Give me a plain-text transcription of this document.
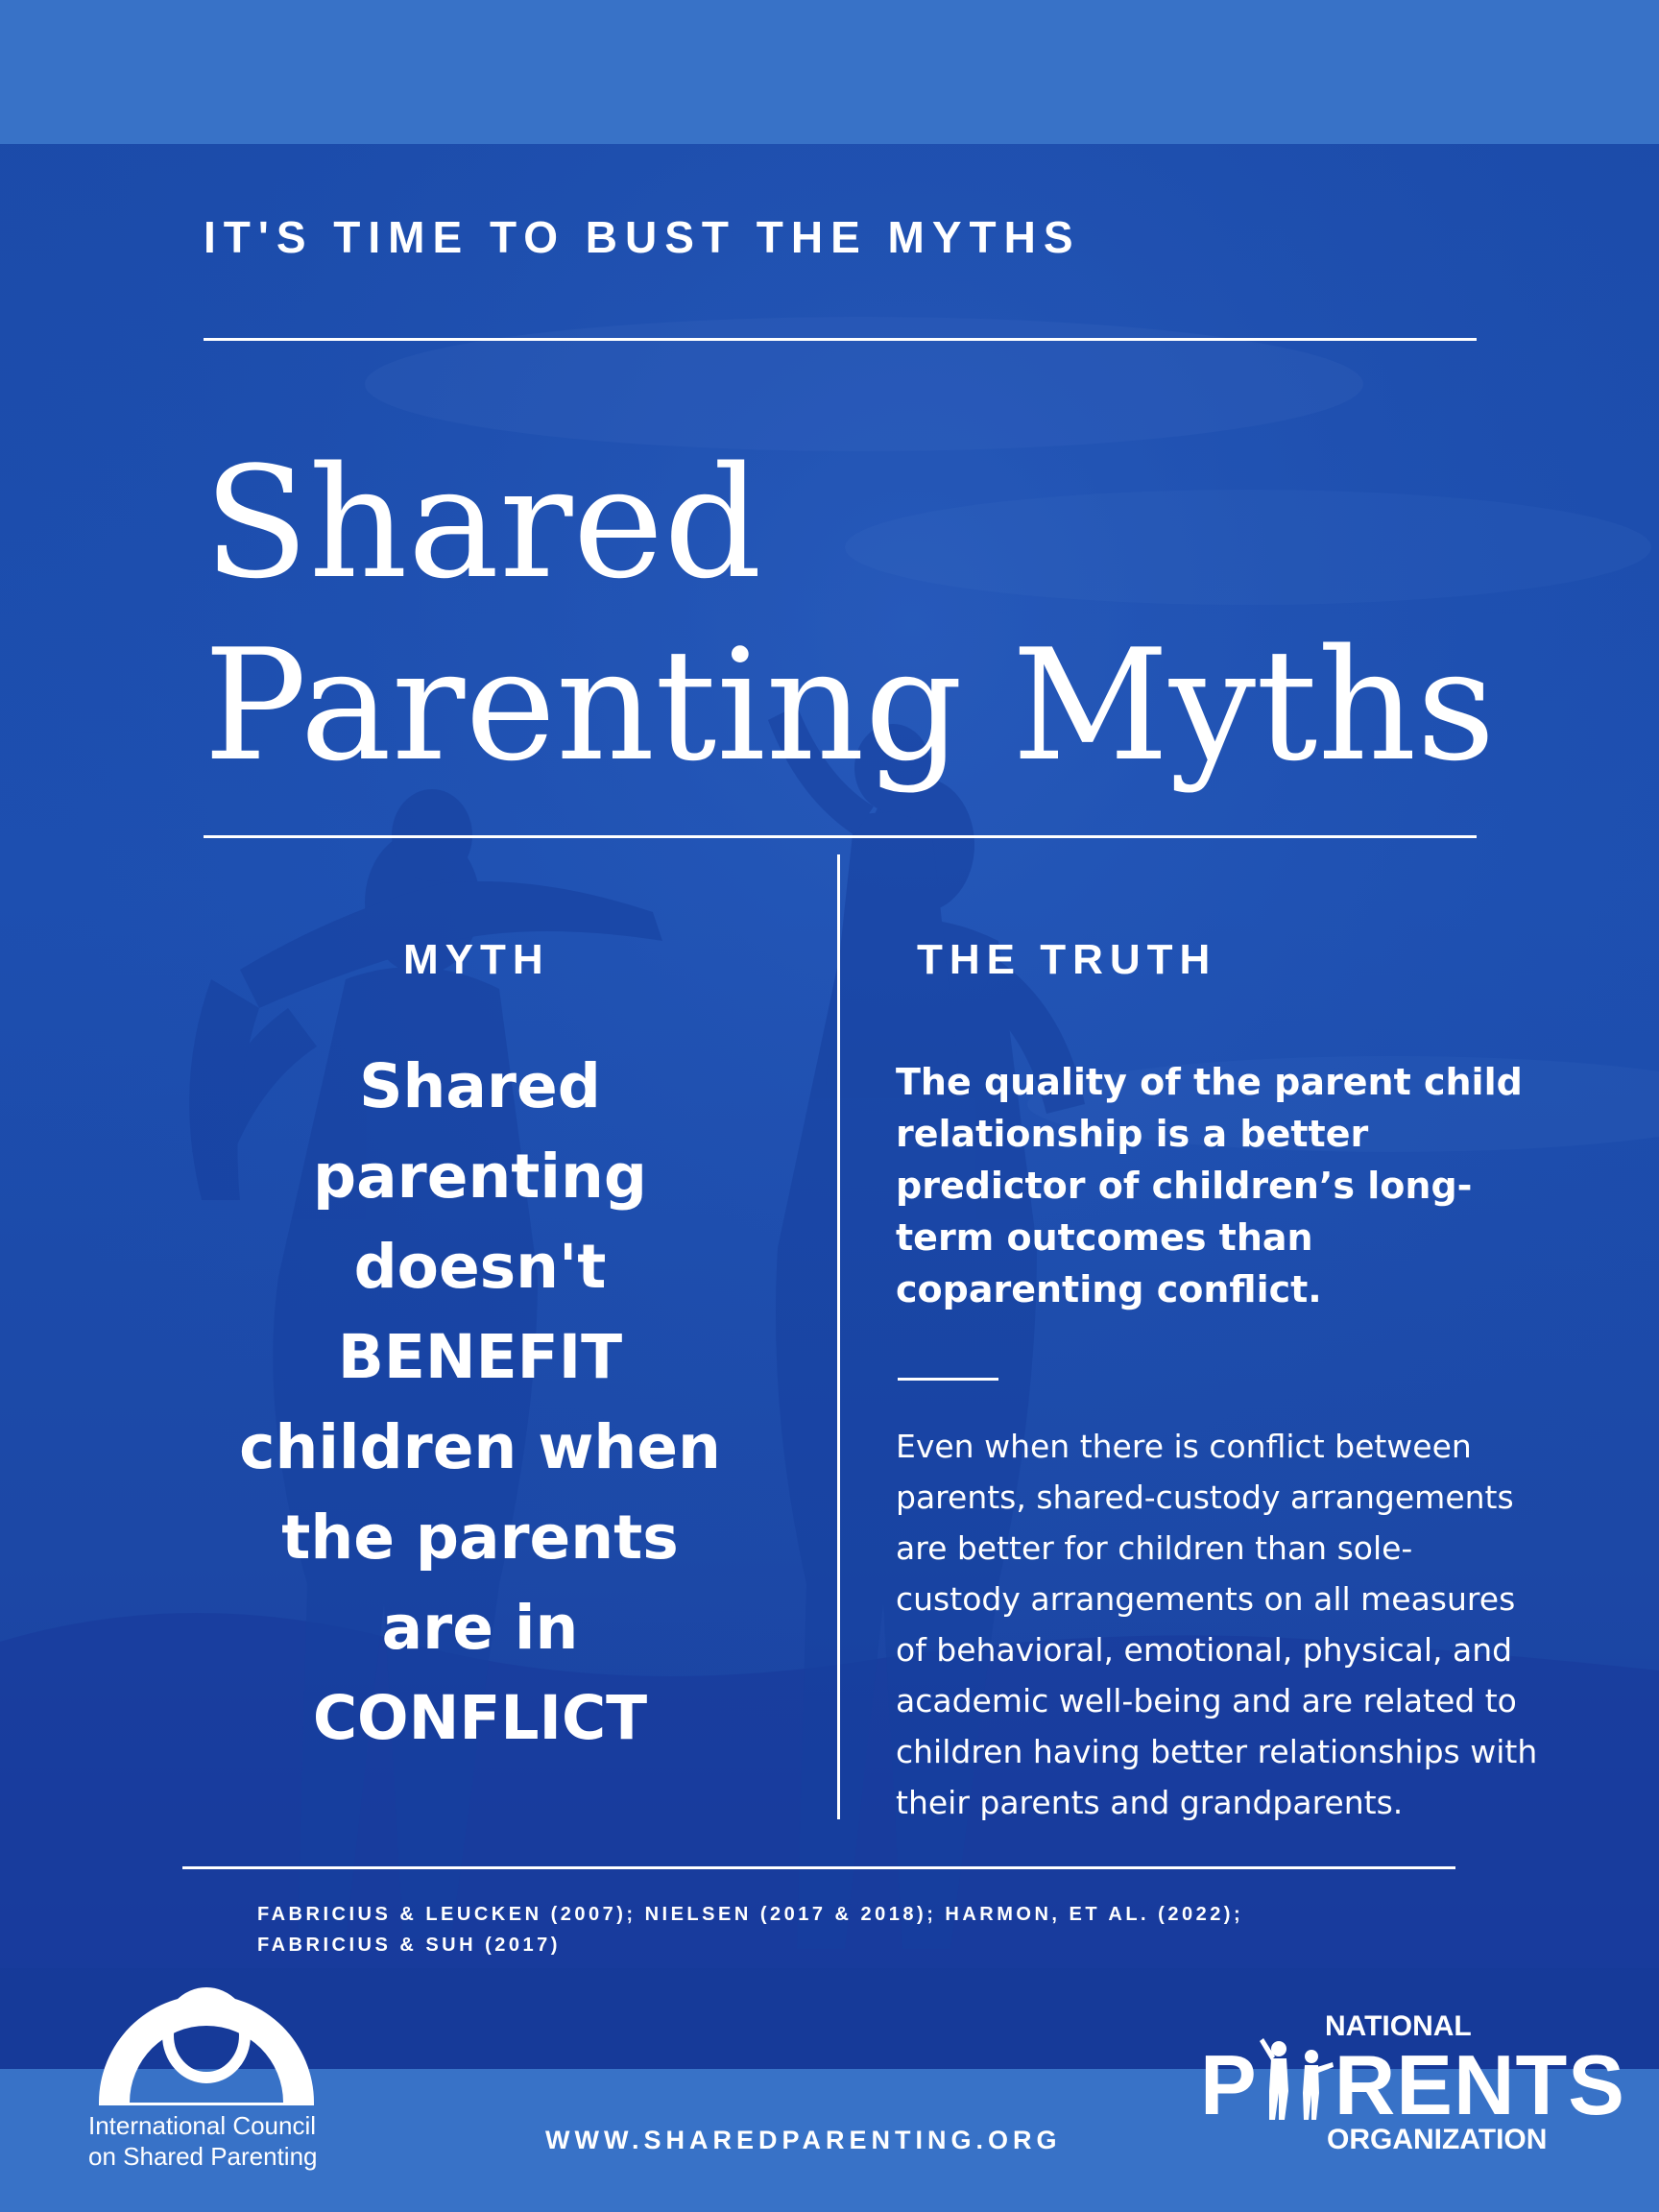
IT'S TIME TO BUST THE MYTHS
Shared Parenting Myths
MYTH	THE TRUTH
Shared
parenting
doesn't
BENEFIT
children when
the parents
are in
CONFLICT
The quality of the parent child
relationship is a better
predictor of children’s long-
term outcomes than
coparenting conflict.
Even when there is conflict between
parents, shared-custody arrangements
are better for children than sole-
custody arrangements on all measures
of behavioral, emotional, physical, and
academic well-being and are related to
children having better relationships with
their parents and grandparents.
FABRICIUS & LEUCKEN (2007); NIELSEN (2017 & 2018); HARMON, ET AL. (2022);
FABRICIUS & SUH (2017)
International Council
on Shared Parenting
WWW.SHAREDPARENTING.ORG
NATIONAL
P RENTS
ORGANIZATION
